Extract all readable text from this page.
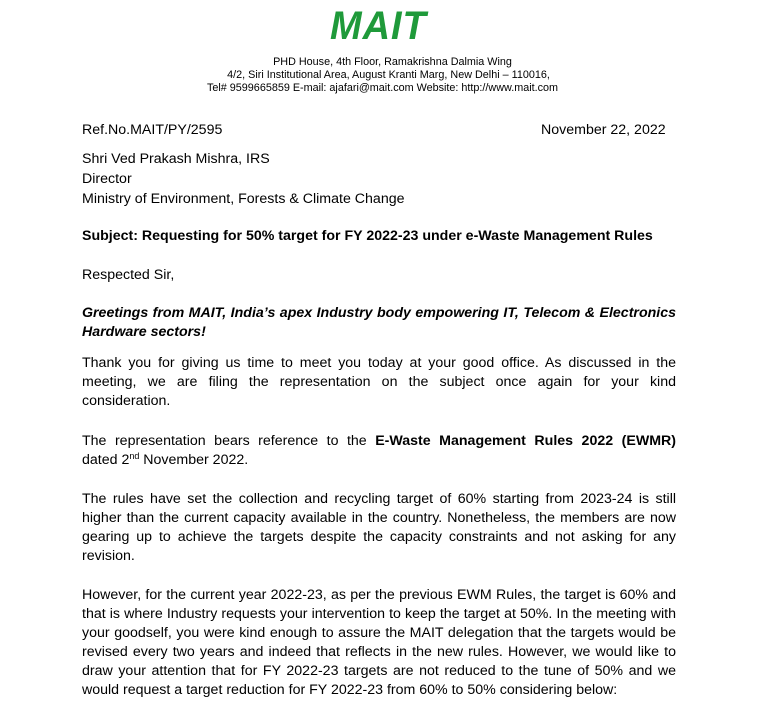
MAIT
PHD House, 4th Floor, Ramakrishna Dalmia Wing
4/2, Siri Institutional Area, August Kranti Marg, New Delhi – 110016,
Tel# 9599665859 E-mail: ajafari@mait.com Website: http://www.mait.com
Ref.No.MAIT/PY/2595	November 22, 2022
Shri Ved Prakash Mishra, IRS
Director
Ministry of Environment, Forests & Climate Change
Subject: Requesting for 50% target for FY 2022-23 under e-Waste Management Rules
Respected Sir,
Greetings from MAIT, India’s apex Industry body empowering IT, Telecom & Electronics
Hardware sectors!
Thank you for giving us time to meet you today at your good office. As discussed in the
meeting, we are filing the representation on the subject once again for your kind
consideration.
The representation bears reference to the E-Waste Management Rules 2022 (EWMR)
dated 2nd November 2022.
The rules have set the collection and recycling target of 60% starting from 2023-24 is still
higher than the current capacity available in the country. Nonetheless, the members are now
gearing up to achieve the targets despite the capacity constraints and not asking for any
revision.
However, for the current year 2022-23, as per the previous EWM Rules, the target is 60% and
that is where Industry requests your intervention to keep the target at 50%. In the meeting with
your goodself, you were kind enough to assure the MAIT delegation that the targets would be
revised every two years and indeed that reflects in the new rules. However, we would like to
draw your attention that for FY 2022-23 targets are not reduced to the tune of 50% and we
would request a target reduction for FY 2022-23 from 60% to 50% considering below:
